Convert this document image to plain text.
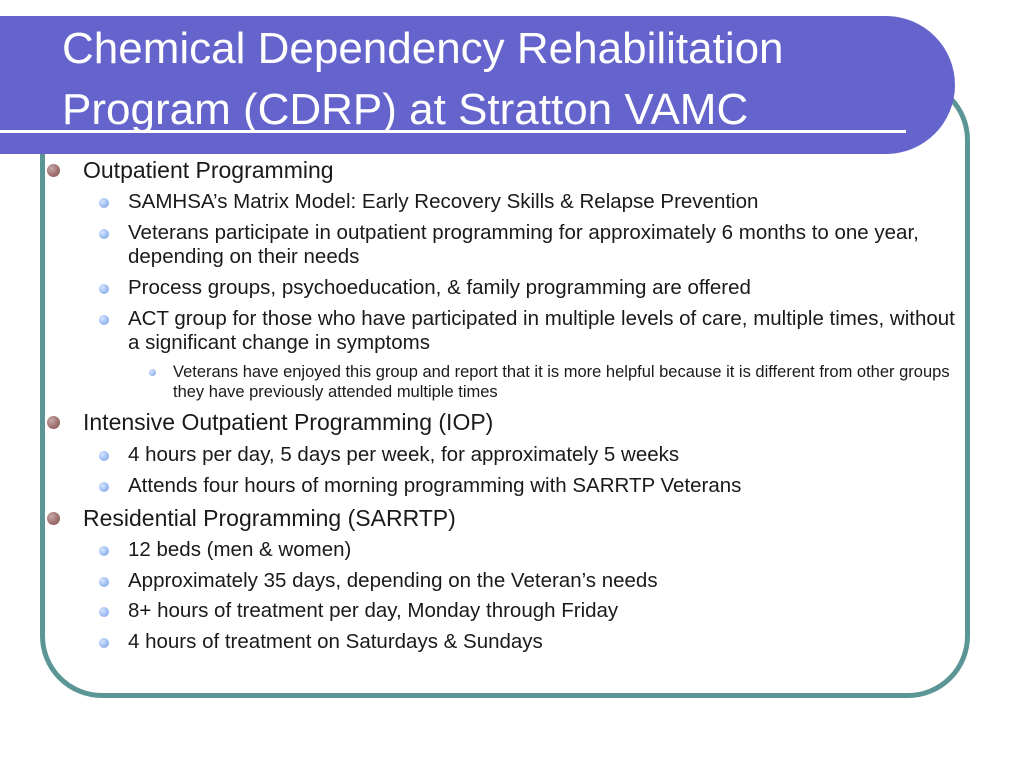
Chemical Dependency Rehabilitation
Program (CDRP) at Stratton VAMC

Outpatient Programming

SAMHSA’s Matrix Model: Early Recovery Skills & Relapse Prevention

Veterans participate in outpatient programming for approximately 6 months to one year, depending on their needs

Process groups, psychoeducation, & family programming are offered

ACT group for those who have participated in multiple levels of care, multiple times, without a significant change in symptoms

Veterans have enjoyed this group and report that it is more helpful because it is different from other groups they have previously attended multiple times

Intensive Outpatient Programming (IOP)

4 hours per day, 5 days per week, for approximately 5 weeks

Attends four hours of morning programming with SARRTP Veterans

Residential Programming (SARRTP)

12 beds (men & women)

Approximately 35 days, depending on the Veteran’s needs

8+ hours of treatment per day, Monday through Friday

4 hours of treatment on Saturdays & Sundays
